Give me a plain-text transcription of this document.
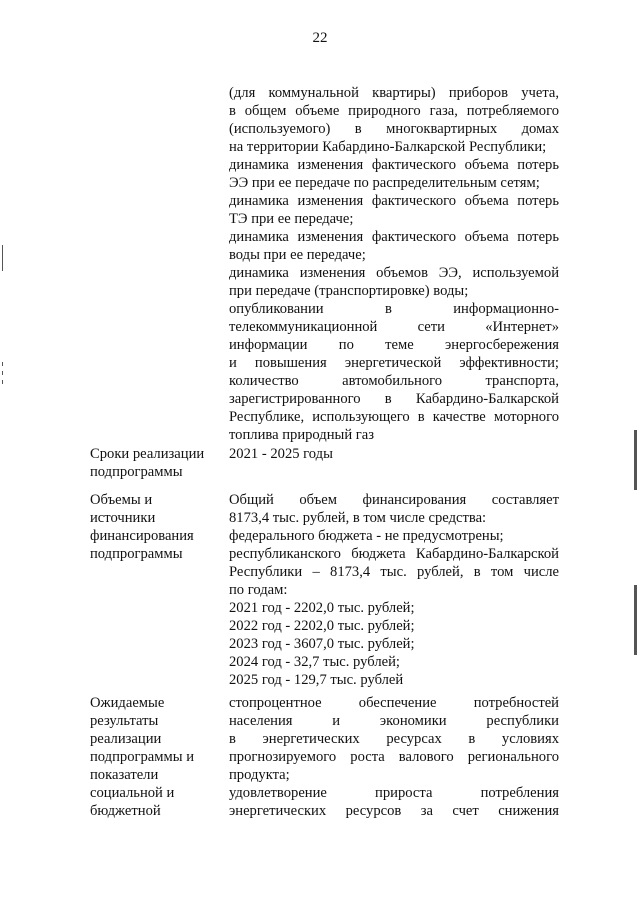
22
(для коммунальной квартиры) приборов учета,
в общем объеме природного газа, потребляемого
(используемого) в многоквартирных домах
на территории Кабардино-Балкарской Республики;
динамика изменения фактического объема потерь
ЭЭ при ее передаче по распределительным сетям;
динамика изменения фактического объема потерь
ТЭ при ее передаче;
динамика изменения фактического объема потерь
воды при ее передаче;
динамика изменения объемов ЭЭ, используемой
при передаче (транспортировке) воды;
опубликовании в информационно-
телекоммуникационной сети «Интернет»
информации по теме энергосбережения
и повышения энергетической эффективности;
количество автомобильного транспорта,
зарегистрированного в Кабардино-Балкарской
Республике, использующего в качестве моторного
топлива природный газ
Сроки реализации
подпрограммы
2021 - 2025 годы
Объемы и
источники
финансирования
подпрограммы
Общий объем финансирования составляет
8173,4 тыс. рублей, в том числе средства:
федерального бюджета - не предусмотрены;
республиканского бюджета Кабардино-Балкарской
Республики – 8173,4 тыс. рублей, в том числе
по годам:
2021 год - 2202,0 тыс. рублей;
2022 год - 2202,0 тыс. рублей;
2023 год - 3607,0 тыс. рублей;
2024 год - 32,7 тыс. рублей;
2025 год - 129,7 тыс. рублей
Ожидаемые
результаты
реализации
подпрограммы и
показатели
социальной и
бюджетной
стопроцентное обеспечение потребностей
населения и экономики республики
в энергетических ресурсах в условиях
прогнозируемого роста валового регионального
продукта;
удовлетворение прироста потребления
энергетических ресурсов за счет снижения
